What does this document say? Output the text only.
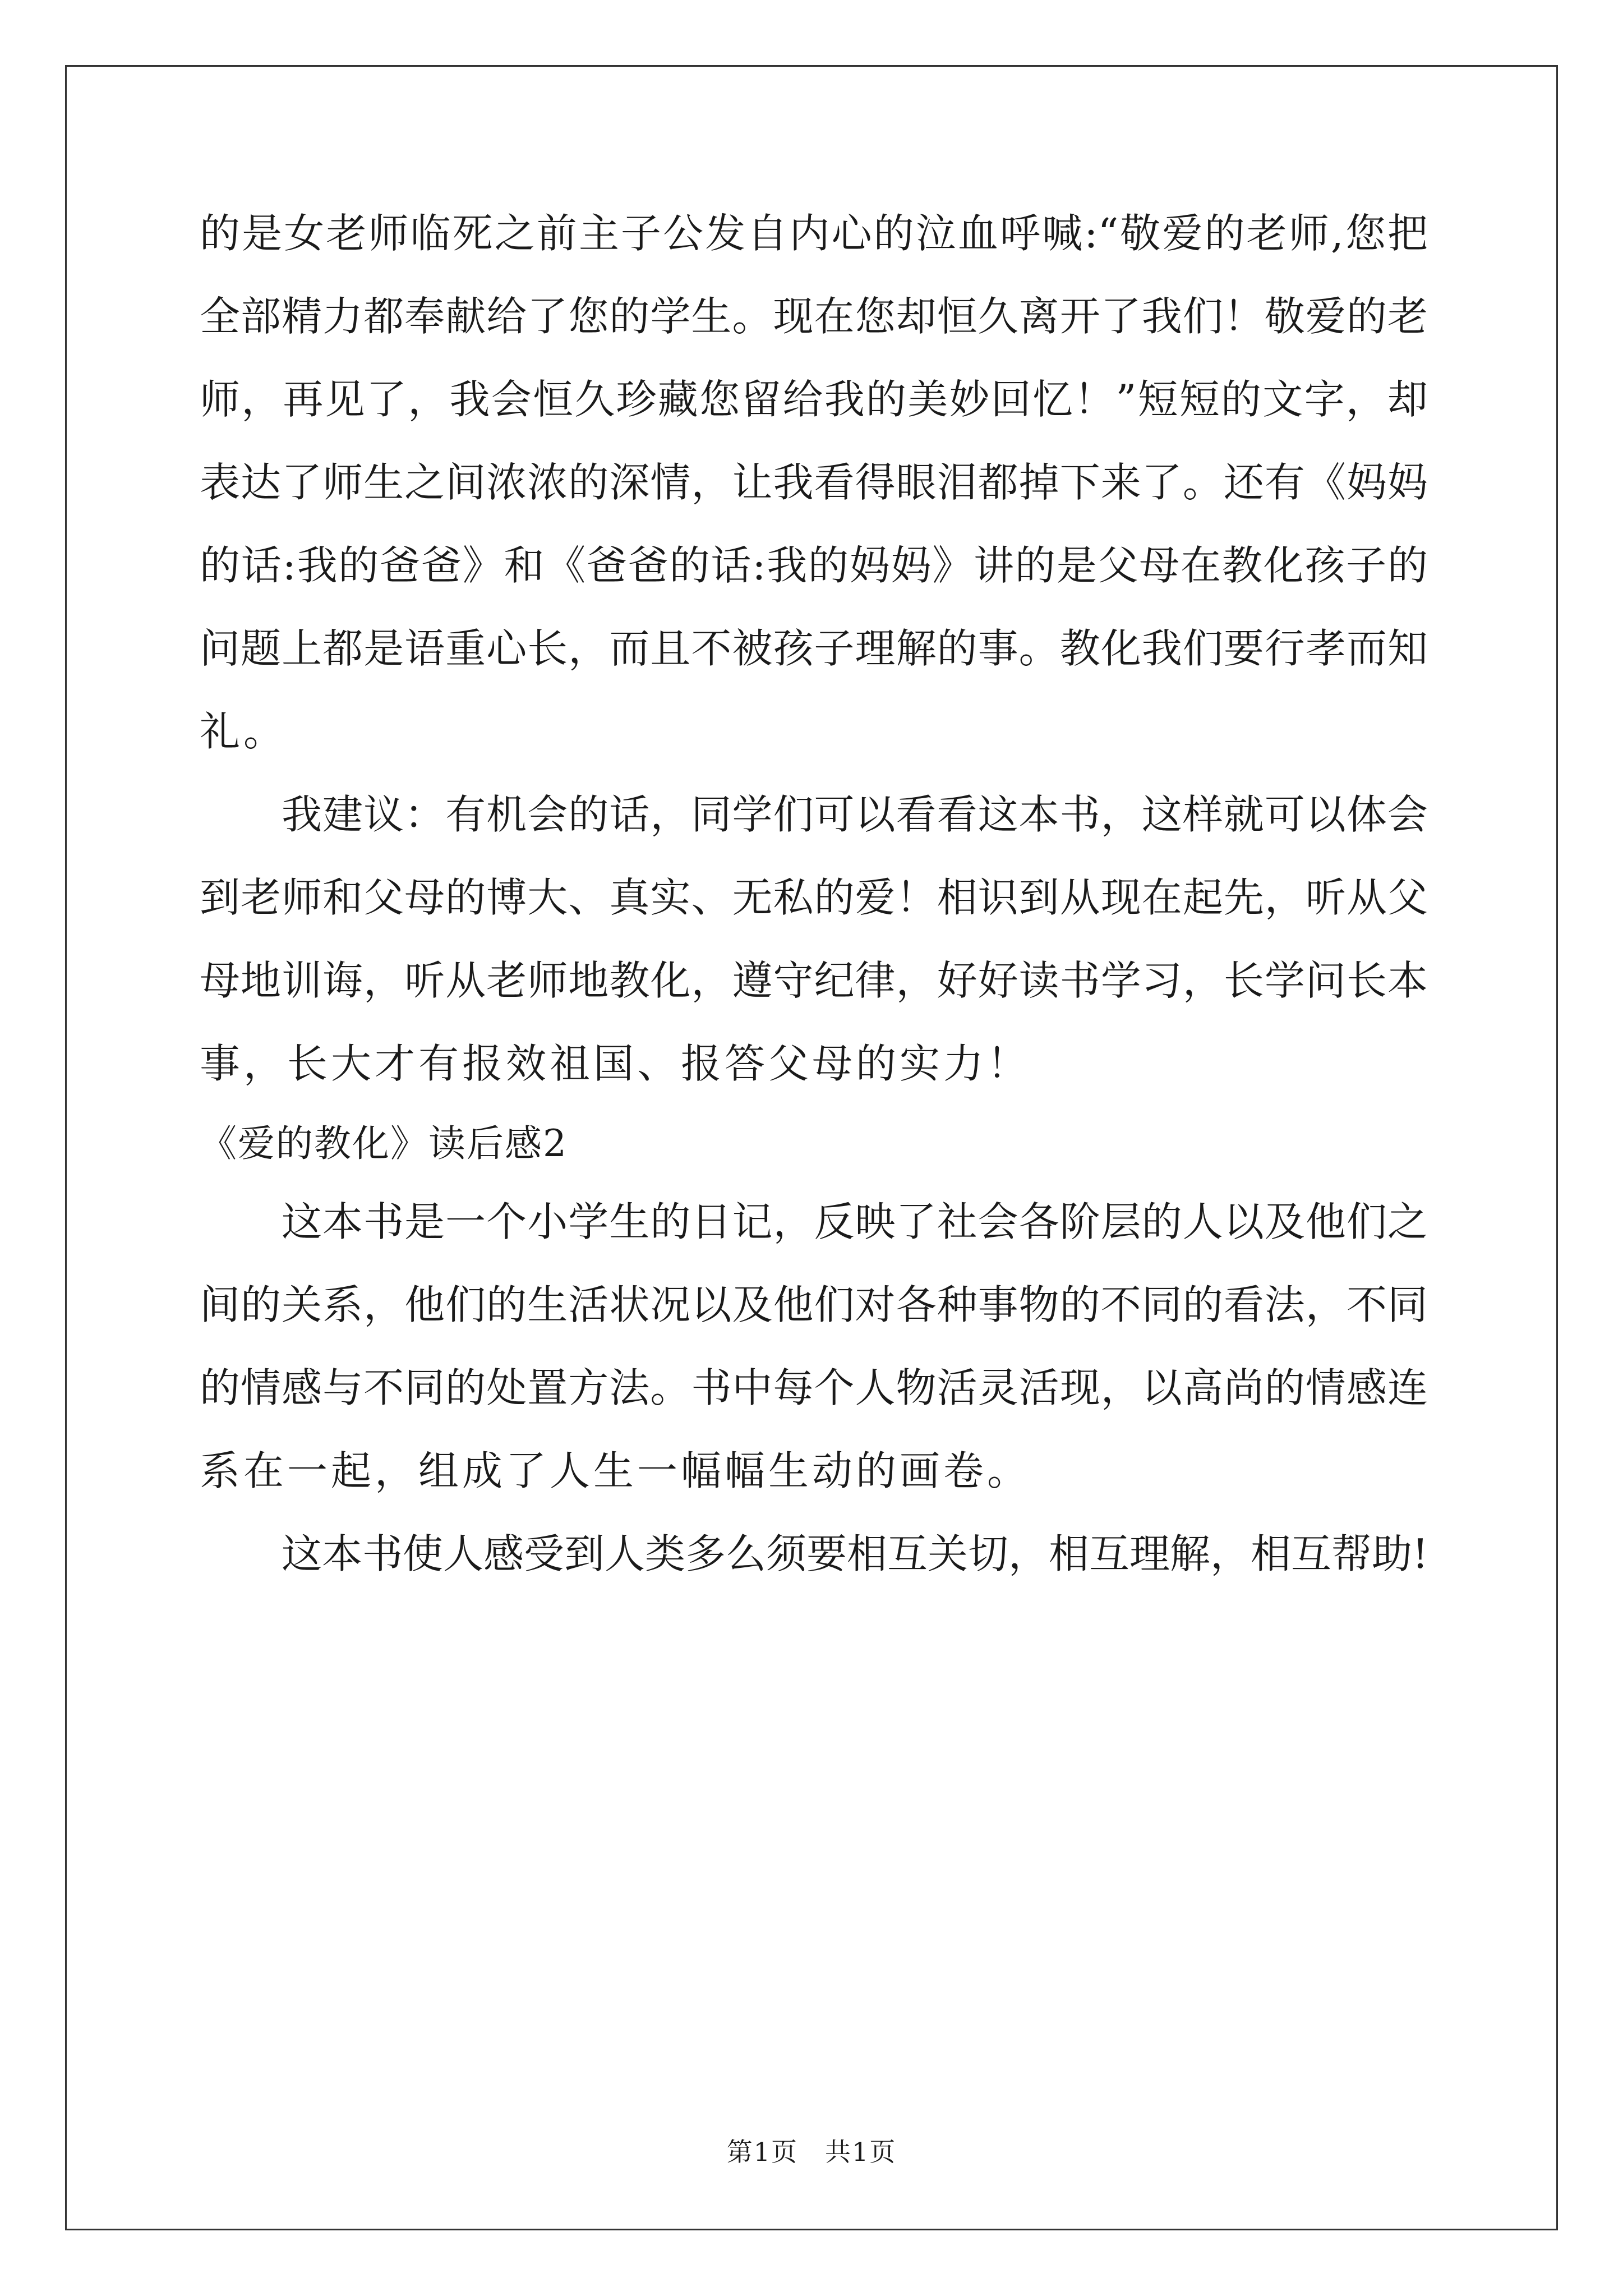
的是女老师临死之前主子公发自内心的泣血呼喊:“敬爱的老师,您把
全部精力都奉献给了您的学生。现在您却恒久离开了我们！敬爱的老
师，再见了，我会恒久珍藏您留给我的美妙回忆！”短短的文字，却
表达了师生之间浓浓的深情，让我看得眼泪都掉下来了。还有《妈妈
的话:我的爸爸》和《爸爸的话:我的妈妈》讲的是父母在教化孩子的
问题上都是语重心长，而且不被孩子理解的事。教化我们要行孝而知
礼。
我建议：有机会的话，同学们可以看看这本书，这样就可以体会
到老师和父母的博大、真实、无私的爱！相识到从现在起先，听从父
母地训诲，听从老师地教化，遵守纪律，好好读书学习，长学问长本
事，长大才有报效祖国、报答父母的实力！
《爱的教化》读后感2
这本书是一个小学生的日记，反映了社会各阶层的人以及他们之
间的关系，他们的生活状况以及他们对各种事物的不同的看法，不同
的情感与不同的处置方法。书中每个人物活灵活现，以高尚的情感连
系在一起，组成了人生一幅幅生动的画卷。
这本书使人感受到人类多么须要相互关切，相互理解，相互帮助!
第1页　共1页
